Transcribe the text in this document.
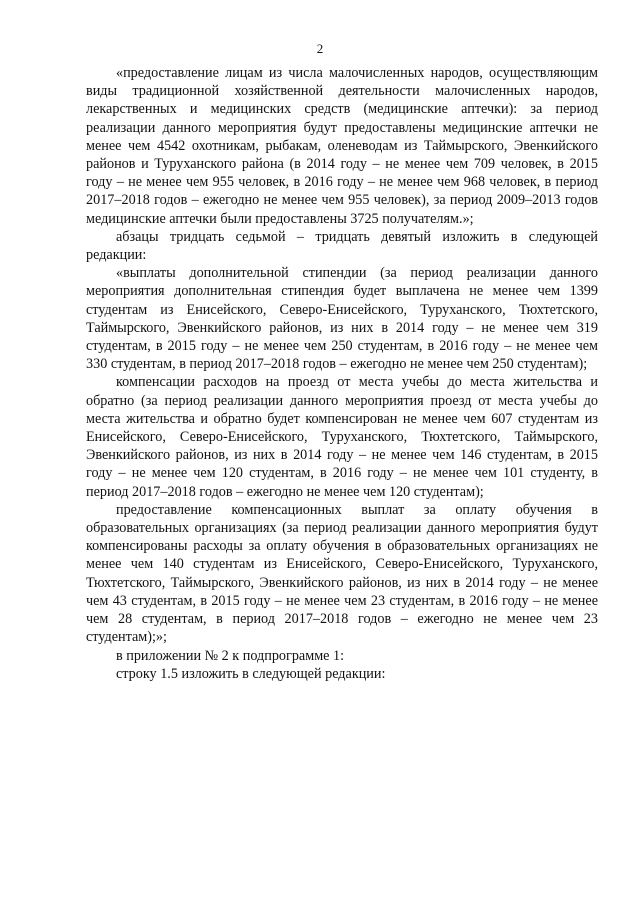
2

«предоставление лицам из числа малочисленных народов, осуществляющим виды традиционной хозяйственной деятельности малочисленных народов, лекарственных и медицинских средств (медицинские аптечки): за период реализации данного мероприятия будут предоставлены медицинские аптечки не менее чем 4542 охотникам, рыбакам, оленеводам из Таймырского, Эвенкийского районов и Туруханского района (в 2014 году – не менее чем 709 человек, в 2015 году – не менее чем 955 человек, в 2016 году – не менее чем 968 человек, в период 2017–2018 годов – ежегодно не менее чем 955 человек), за период 2009–2013 годов медицинские аптечки были предоставлены 3725 получателям.»;

абзацы тридцать седьмой – тридцать девятый изложить в следующей редакции:

«выплаты дополнительной стипендии (за период реализации данного мероприятия дополнительная стипендия будет выплачена не менее чем 1399 студентам из Енисейского, Северо-Енисейского, Туруханского, Тюхтетского, Таймырского, Эвенкийского районов, из них в 2014 году – не менее чем 319 студентам, в 2015 году – не менее чем 250 студентам, в 2016 году – не менее чем 330 студентам, в период 2017–2018 годов – ежегодно не менее чем 250 студентам);

компенсации расходов на проезд от места учебы до места жительства и обратно (за период реализации данного мероприятия проезд от места учебы до места жительства и обратно будет компенсирован не менее чем 607 студентам из Енисейского, Северо-Енисейского, Туруханского, Тюхтетского, Таймырского, Эвенкийского районов, из них в 2014 году – не менее чем 146 студентам, в 2015 году – не менее чем 120 студентам, в 2016 году – не менее чем 101 студенту, в период 2017–2018 годов – ежегодно не менее чем 120 студентам);

предоставление компенсационных выплат за оплату обучения в образовательных организациях (за период реализации данного мероприятия будут компенсированы расходы за оплату обучения в образовательных организациях не менее чем 140 студентам из Енисейского, Северо-Енисейского, Туруханского, Тюхтетского, Таймырского, Эвенкийского районов, из них в 2014 году – не менее чем 43 студентам, в 2015 году – не менее чем 23 студентам, в 2016 году – не менее чем 28 студентам, в период 2017–2018 годов – ежегодно не менее чем 23 студентам);»;

в приложении № 2 к подпрограмме 1:

строку 1.5 изложить в следующей редакции:
